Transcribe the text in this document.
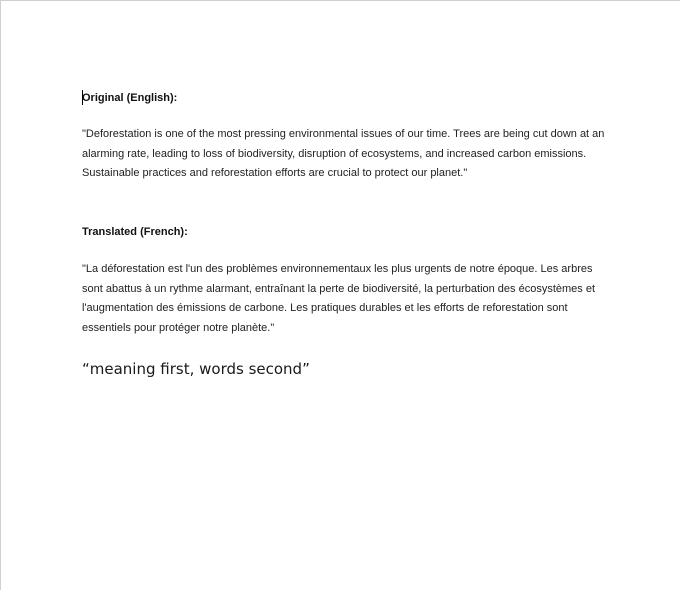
Original (English):

"Deforestation is one of the most pressing environmental issues of our time. Trees are being cut down at an alarming rate, leading to loss of biodiversity, disruption of ecosystems, and increased carbon emissions. Sustainable practices and reforestation efforts are crucial to protect our planet."

Translated (French):

"La déforestation est l'un des problèmes environnementaux les plus urgents de notre époque. Les arbres sont abattus à un rythme alarmant, entraînant la perte de biodiversité, la perturbation des écosystèmes et l'augmentation des émissions de carbone. Les pratiques durables et les efforts de reforestation sont essentiels pour protéger notre planète."

“meaning first, words second”
